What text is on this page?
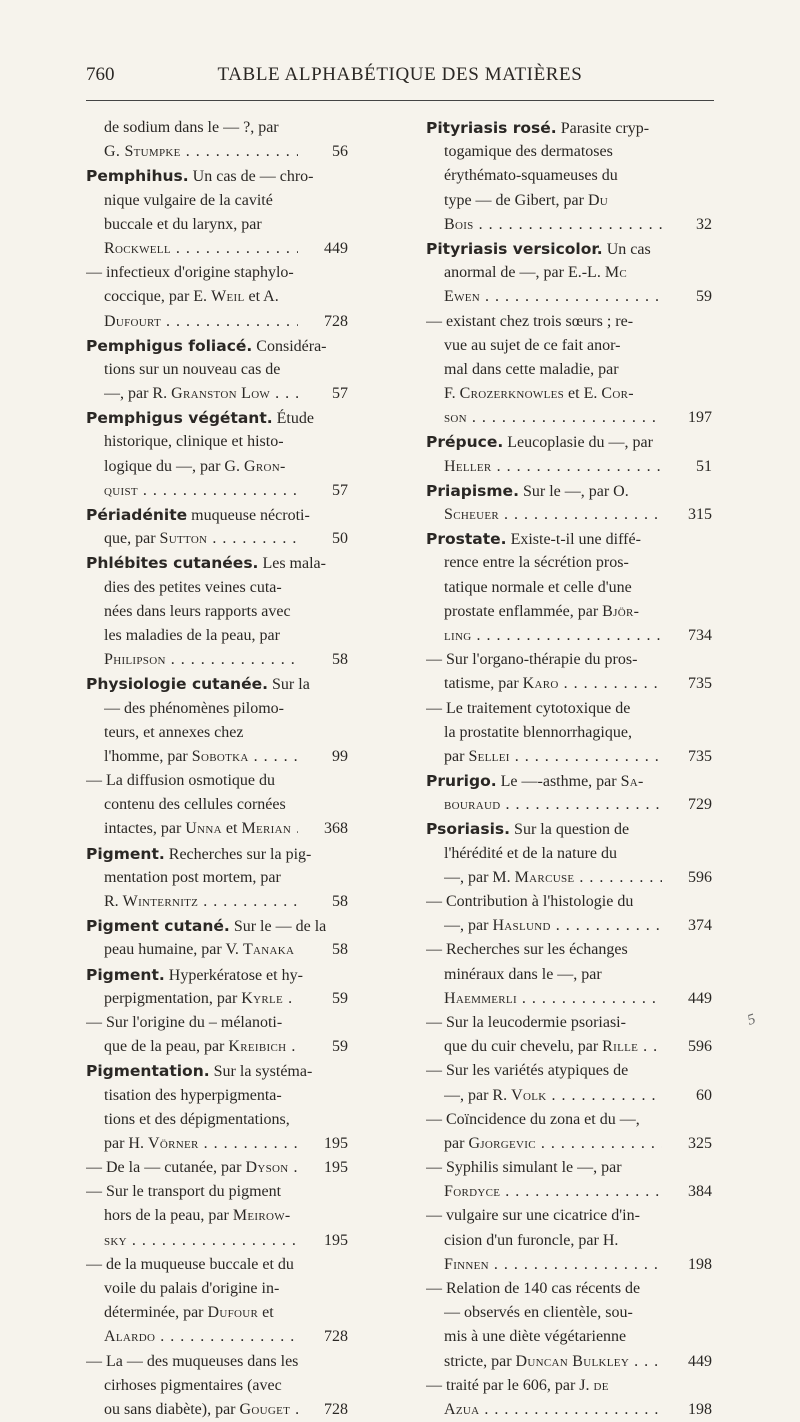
760	TABLE ALPHABÉTIQUE DES MATIÈRES
de sodium dans le — ?, par
G. Stumpke . . .	56
Pemphihus. Un cas de — chro-
nique vulgaire de la cavité
buccale et du larynx, par
Rockwell . . .	449
— infectieux d'origine staphylo-
coccique, par E. Weil et A.
Dufourt . . .	728
Pemphigus foliacé. Considéra-
tions sur un nouveau cas de
—, par R. Granston Low . . .	57
Pemphigus végétant. Étude
historique, clinique et histo-
logique du —, par G. Gron-
quist . . .	57
Périadénite muqueuse nécroti-
que, par Sutton . . .	50
Phlébites cutanées. Les mala-
dies des petites veines cuta-
nées dans leurs rapports avec
les maladies de la peau, par
Philipson . . .	58
Physiologie cutanée. Sur la
— des phénomènes pilomo-
teurs, et annexes chez
l'homme, par Sobotka . . .	99
— La diffusion osmotique du
contenu des cellules cornées
intactes, par Unna et Merian . . .	368
Pigment. Recherches sur la pig-
mentation post mortem, par
R. Winternitz . . .	58
Pigment cutané. Sur le — de la
peau humaine, par V. Tanaka . . .	58
Pigment. Hyperkératose et hy-
perpigmentation, par Kyrle . . .	59
— Sur l'origine du – mélanoti-
que de la peau, par Kreibich . . .	59
Pigmentation. Sur la systéma-
tisation des hyperpigmenta-
tions et des dépigmentations,
par H. Vörner . . .	195
— De la — cutanée, par Dyson . . .	195
— Sur le transport du pigment
hors de la peau, par Meirow-
sky . . .	195
— de la muqueuse buccale et du
voile du palais d'origine in-
déterminée, par Dufour et
Alardo . . .	728
— La — des muqueuses dans les
cirhoses pigmentaires (avec
ou sans diabète), par Gouget . . .	728
Pityriasis rosé. Parasite cryp-
togamique des dermatoses
érythémato-squameuses du
type — de Gibert, par Du
Bois . . .	32
Pityriasis versicolor. Un cas
anormal de —, par E.-L. Mc
Ewen . . .	59
— existant chez trois sœurs ; re-
vue au sujet de ce fait anor-
mal dans cette maladie, par
F. Crozerknowles et E. Cor-
son . . .	197
Prépuce. Leucoplasie du —, par
Heller . . .	51
Priapisme. Sur le —, par O.
Scheuer . . .	315
Prostate. Existe-t-il une diffé-
rence entre la sécrétion pros-
tatique normale et celle d'une
prostate enflammée, par Björ-
ling . . .	734
— Sur l'organo-thérapie du pros-
tatisme, par Karo . . .	735
— Le traitement cytotoxique de
la prostatite blennorrhagique,
par Sellei . . .	735
Prurigo. Le —-asthme, par Sa-
bouraud . . .	729
Psoriasis. Sur la question de
l'hérédité et de la nature du
—, par M. Marcuse . . .	596
— Contribution à l'histologie du
—, par Haslund . . .	374
— Recherches sur les échanges
minéraux dans le —, par
Haemmerli . . .	449
— Sur la leucodermie psoriasi-
que du cuir chevelu, par Rille . . .	596
— Sur les variétés atypiques de
—, par R. Volk . . .	60
— Coïncidence du zona et du —,
par Gjorgevic . . .	325
— Syphilis simulant le —, par
Fordyce . . .	384
— vulgaire sur une cicatrice d'in-
cision d'un furoncle, par H.
Finnen . . .	198
— Relation de 140 cas récents de
— observés en clientèle, sou-
mis à une diète végétarienne
stricte, par Duncan Bulkley . . .	449
— traité par le 606, par J. de
Azua . . .	198
5
